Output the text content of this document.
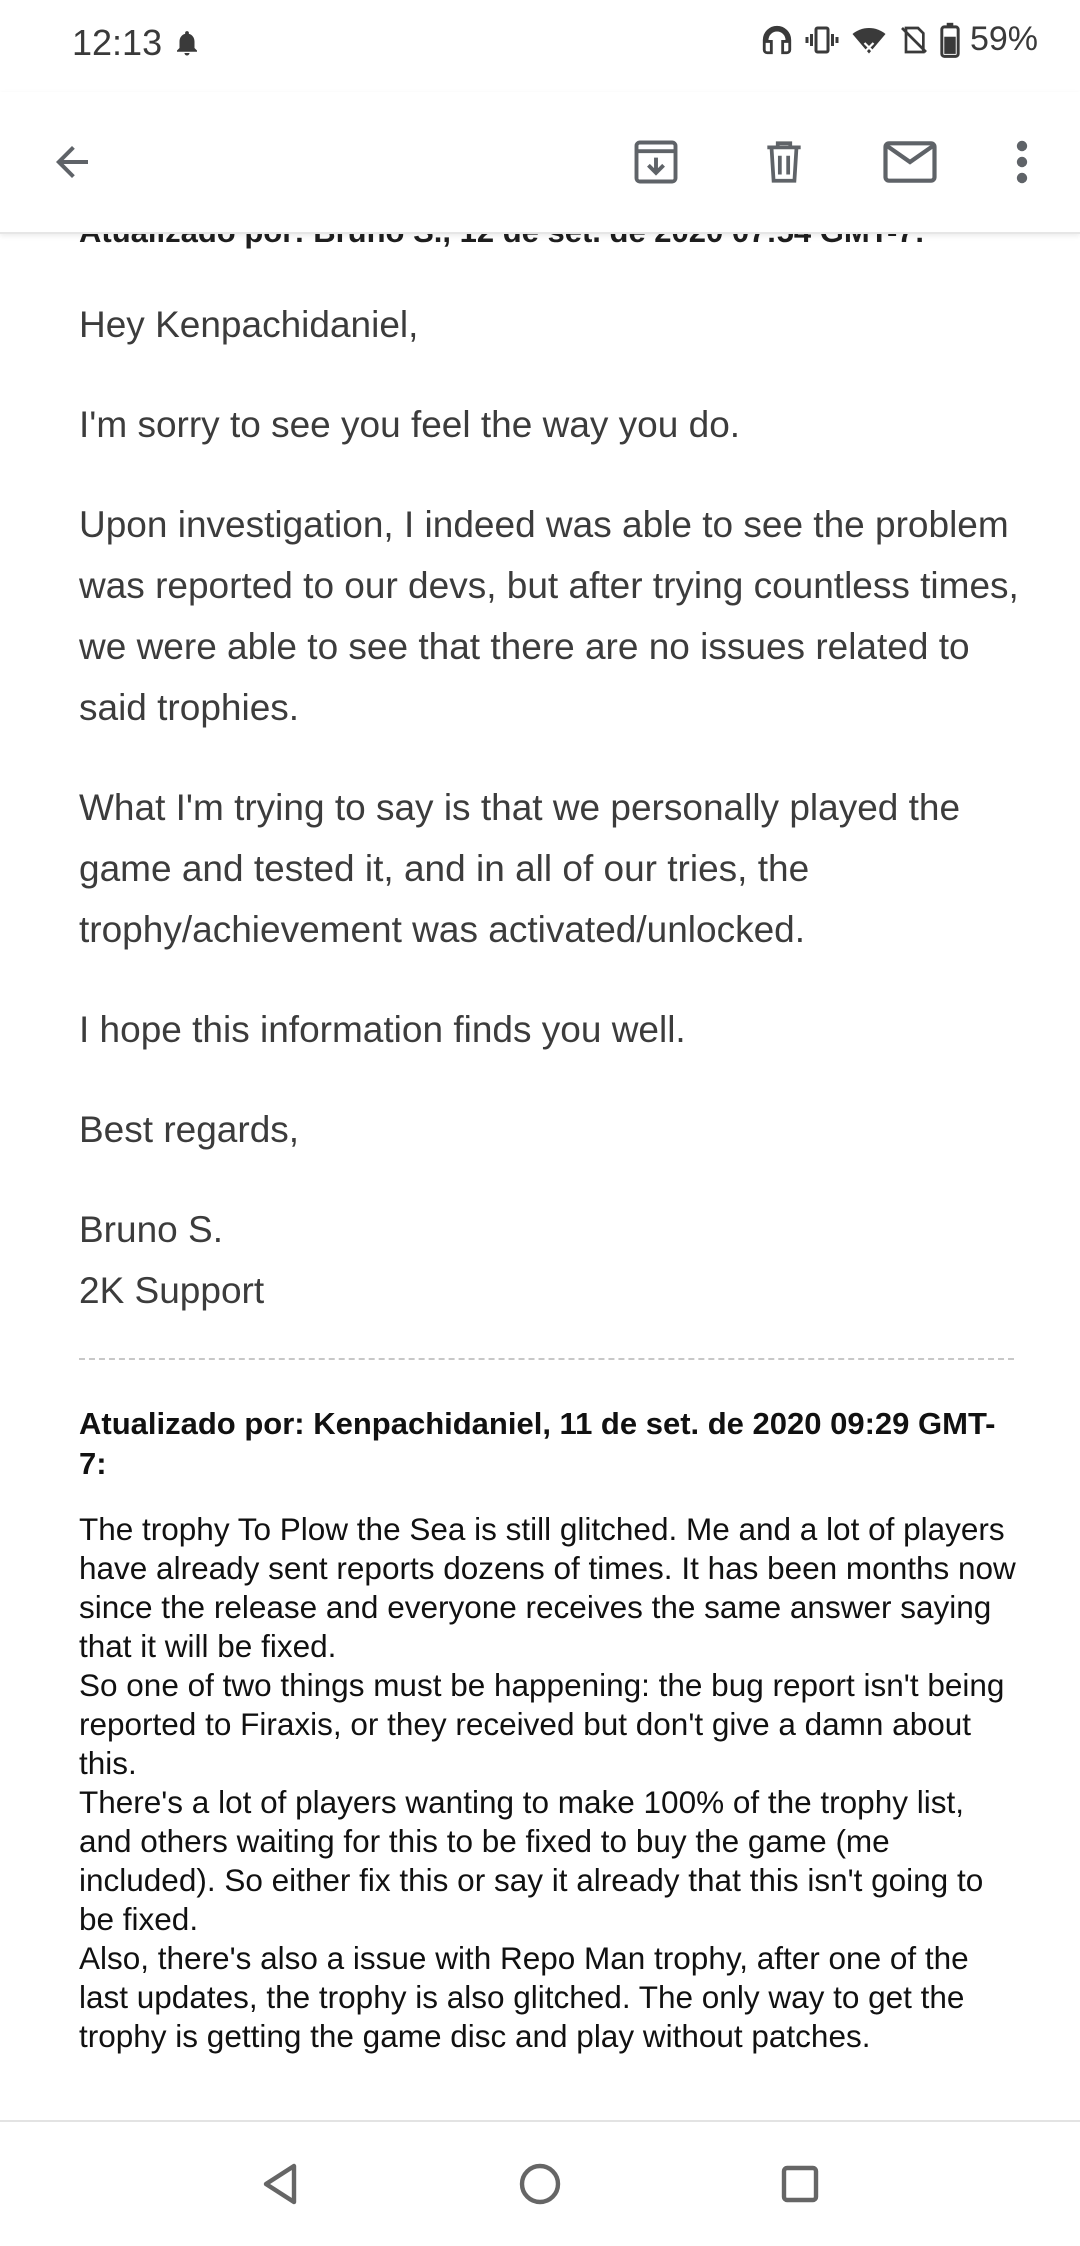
12:13	59%

Hey Kenpachidaniel,

I'm sorry to see you feel the way you do.

Upon investigation, I indeed was able to see the problem was reported to our devs, but after trying countless times, we were able to see that there are no issues related to said trophies.

What I'm trying to say is that we personally played the game and tested it, and in all of our tries, the trophy/achievement was activated/unlocked.

I hope this information finds you well.

Best regards,

Bruno S.

2K Support

Atualizado por: Kenpachidaniel, 11 de set. de 2020 09:29 GMT-7:

The trophy To Plow the Sea is still glitched. Me and a lot of players have already sent reports dozens of times. It has been months now since the release and everyone receives the same answer saying that it will be fixed.

So one of two things must be happening: the bug report isn't being reported to Firaxis, or they received but don't give a damn about this.

There's a lot of players wanting to make 100% of the trophy list, and others waiting for this to be fixed to buy the game (me included). So either fix this or say it already that this isn't going to be fixed.

Also, there's also a issue with Repo Man trophy, after one of the last updates, the trophy is also glitched. The only way to get the trophy is getting the game disc and play without patches.
